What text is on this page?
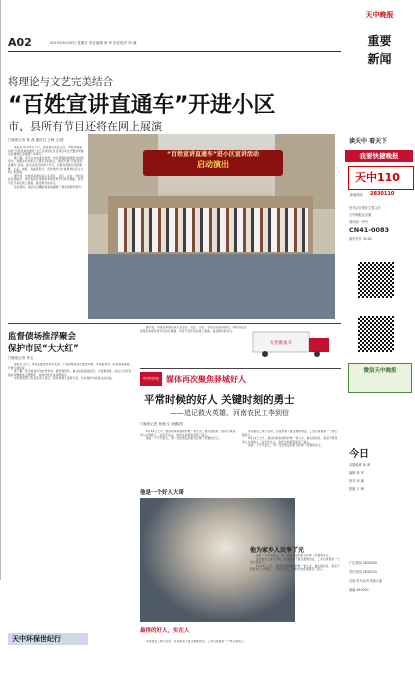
A02	2015年6月28日 星期日 责任编辑 徐 军 责任校对 何 涵
天中晚报
重要
新闻
将理论与文艺完美结合
“百姓宣讲直通车”开进小区
市、县所有节目还将在网上展演
□晚报记者 杨 茜 通讯员 王梅 文/图

本报讯 6月27日下午，由市委宣传部主办，市社科联承办的“百姓宣讲直通车”文艺宣讲进社区活动启动仪式暨首场演出在驿城区金桂园广场举行。

据了解，今年以来市委宣传部、市社科联积极探索宣讲新形式，将理论宣讲和文艺演出有机结合，组织开展“百姓宣讲直通车”活动。此次活动历时两个多月，以群众喜闻乐见的歌舞、小品、快板、戏曲等形式，宣传党的方针政策和社会主义核心价值观。

据介绍，市级宣讲团将深入各县区、社区、企业、学校巡回宣讲演出，同时各县区将组织本地优秀节目进行展演，所有节目还将在网上展演，接受群众的评议。

活动现场，演员们以精彩的表演赢得了观众的阵阵掌声。

“百姓宣讲直通车”进小区宣讲活动
启动演出
监督债场推浮聚会
保护市民“大大红”
□晚报记者 李玉

本报讯 近日，市民在健康市场中发现，个别商贩的信息推浮问题，市场监管部门对此高度重视，开展专项检查。

据了解，此次检查针对农贸市场、超市等场所，重点检查商品标价、计量器具等。执法人员对发现的问题要求立即整改，并向市民发布消费提示。

市场监管部门有关负责人表示，将持续加大监管力度，切实保护市民的合法权益。

天中环保世纪行

据介绍，市级宣讲团将深入各县区、社区、企业、学校巡回宣讲演出，同时各县区将组织本地优秀节目进行展演，所有节目还将在网上展演，接受群众的评议。

无偿献血车
中共中央 媒体再次聚焦驿城好人
平常时候的好人 关键时刻的勇士
——追记救火英雄、河南农民工李到信
□晚报记者 杨茜/文 徐鹏/图

6月14日上午，他回村协助消防扑救一场大火。被火困住时，他奋不顾身冲入火场救人，在危急关头，他把生的希望留给了别人。

他是一个平凡的人，用一生的善良和担当诠释了英雄的含义。

他是一个好人大哥

李到信在工地干活时，总是抢着干最苦最累的活，工友们说他是一个热心肠的人。

6月14日上午，他回村协助消防扑救一场大火。被火困住时，他奋不顾身冲入火场救人，在危急关头，他把生的希望留给了别人。

他是一个平凡的人，用一生的善良和担当诠释了英雄的含义。

最得的好人，实在人
他为家乡人民争了光

他是一个平凡的人，用一生的善良和担当诠释了英雄的含义。

李到信在工地干活时，总是抢着干最苦最累的活，工友们说他是一个热心肠的人。

6月14日上午，他回村协助消防扑救一场大火。被火困住时，他奋不顾身冲入火场救人，在危急关头，他把生的希望留给了别人。

李到信在工地干活时，总是抢着干最苦最累的活，工友们说他是一个热心肠的人。

读天中 看天下
我要快捷晚报
天中110
新闻热线 2830110
驻马店日报社主管主办
天中晚报社出版
国内统一刊号
CN41-0083
邮发代号 35-82
微信天中晚报
今日
本期值班 杨 茜
编辑 徐 军
校对 何 涵
排版 王 梅
广告热线 2830300
发行热线 2830110
社址 驻马店市开源大道
邮编 463000
